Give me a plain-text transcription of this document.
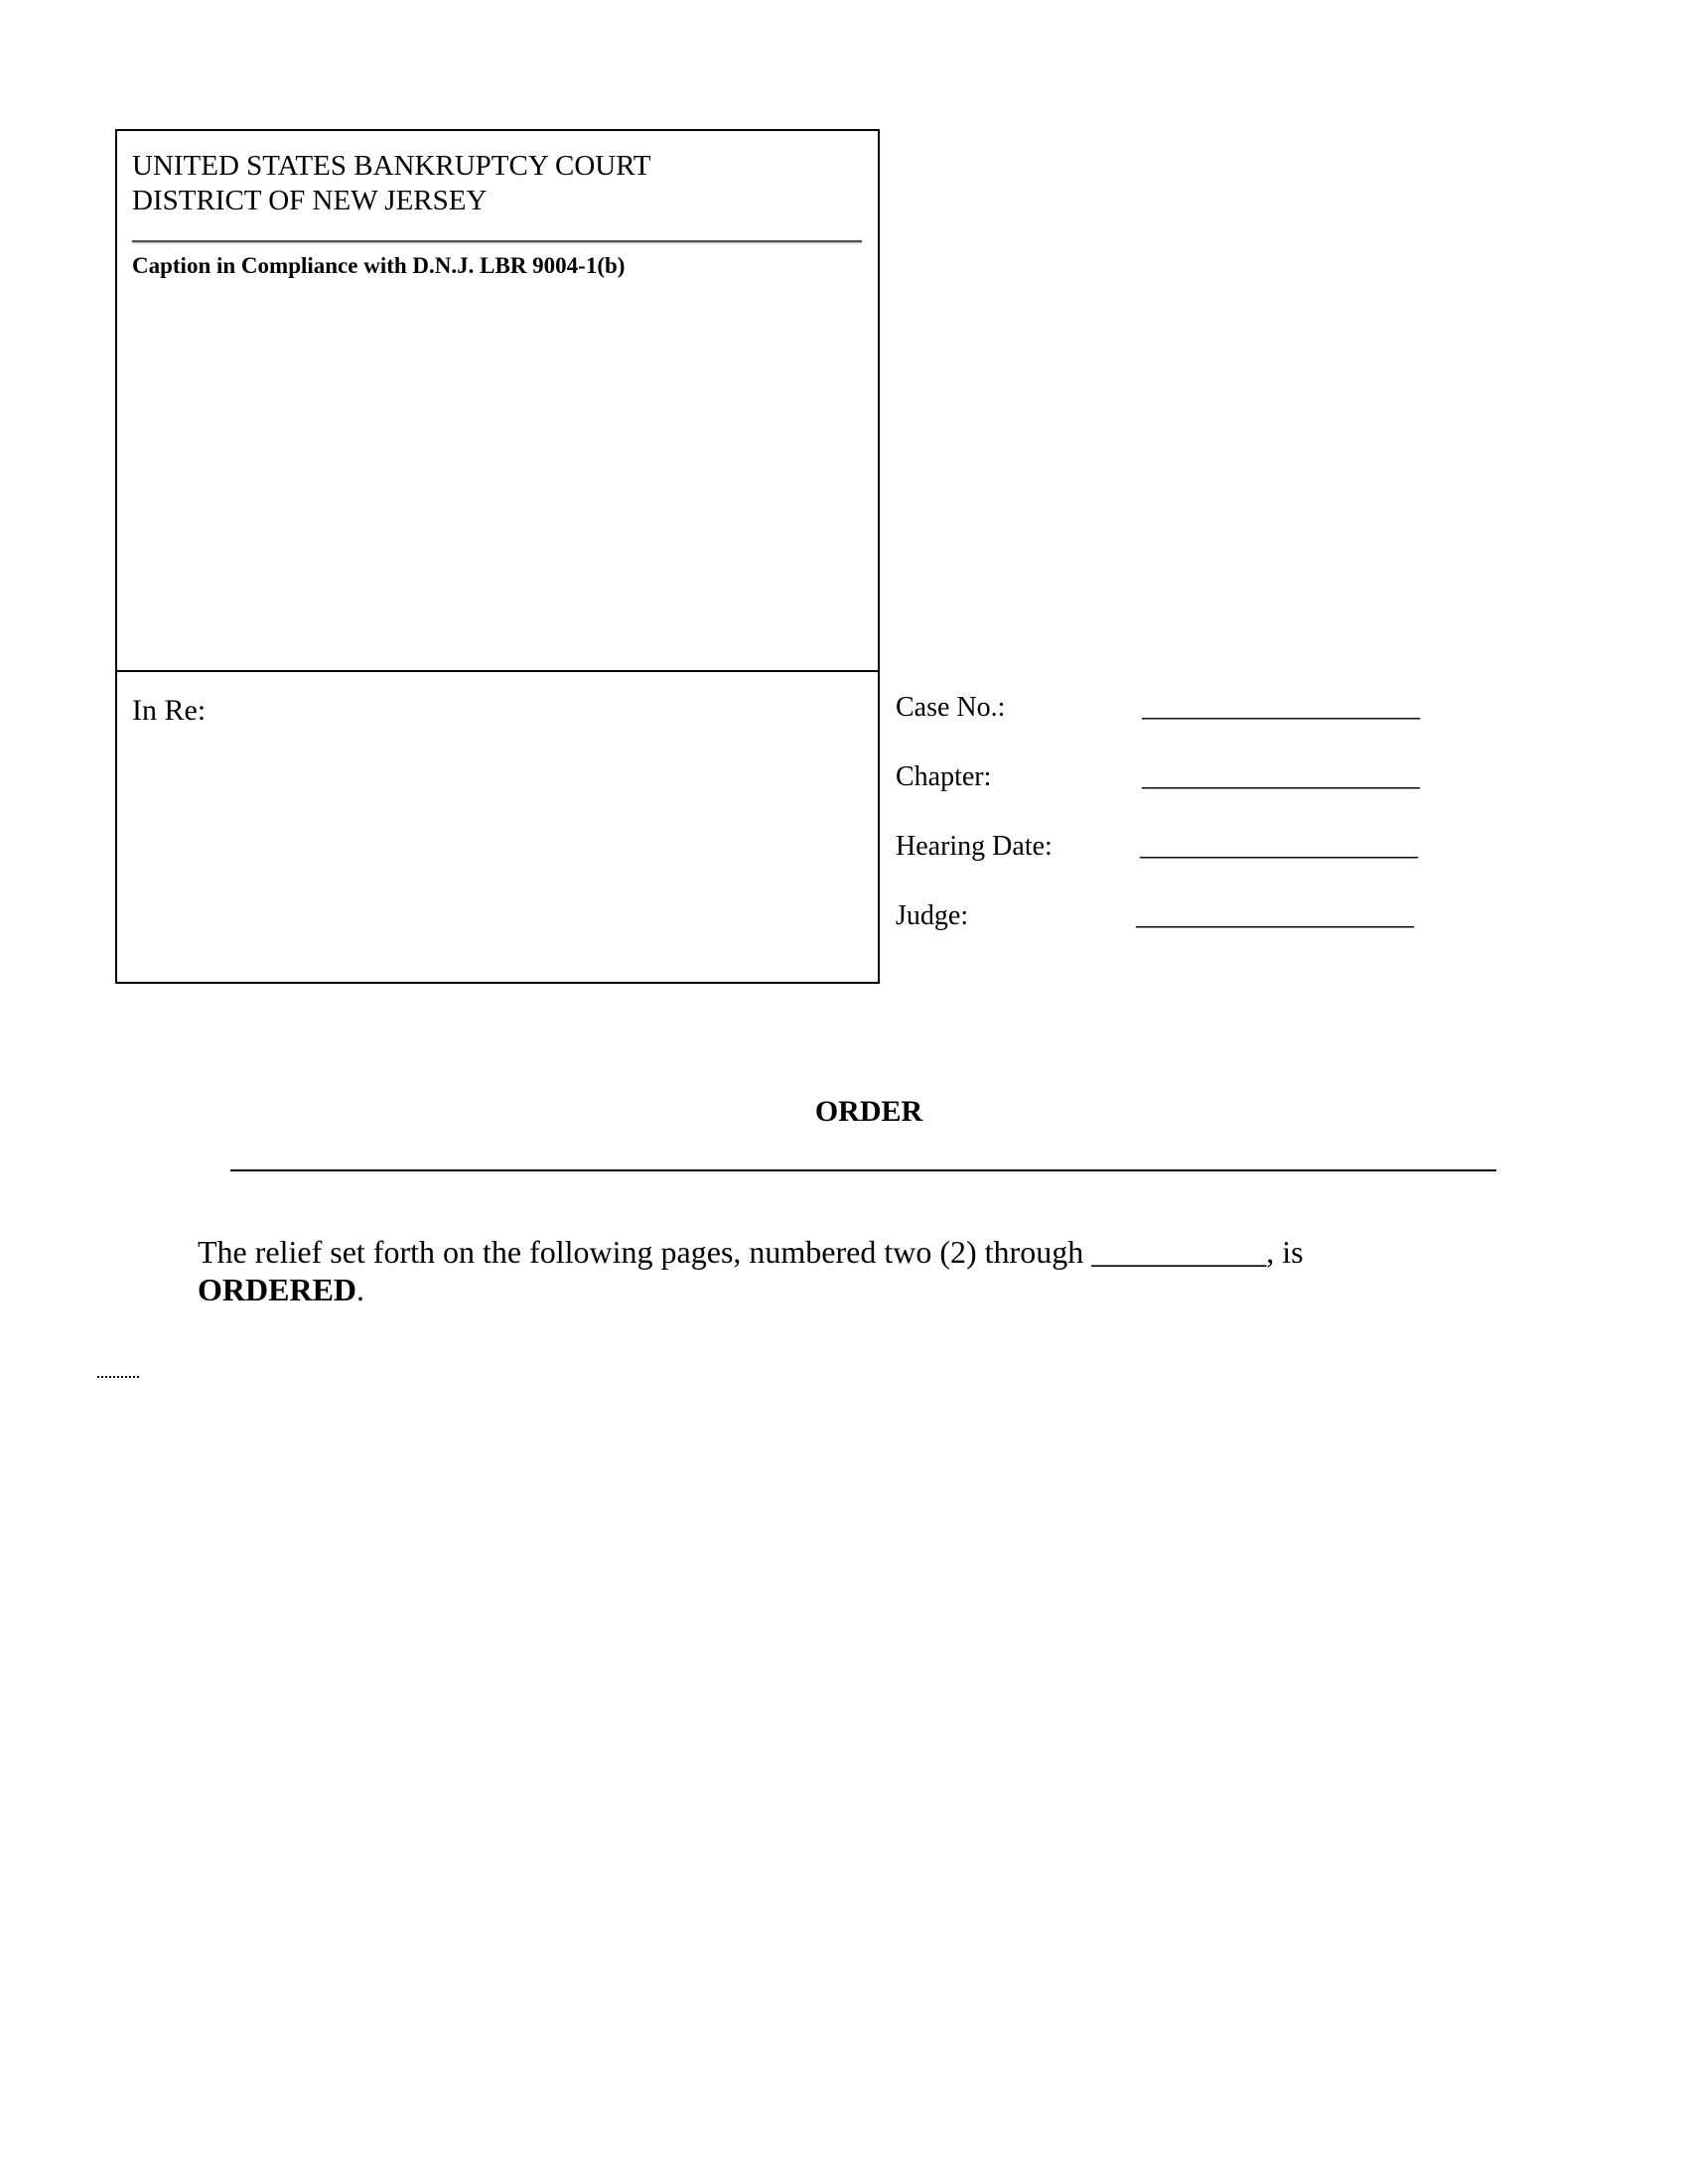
UNITED STATES BANKRUPTCY COURT
DISTRICT OF NEW JERSEY
Caption in Compliance with D.N.J. LBR 9004-1(b)
In Re:	Case No.:	____________________
Chapter:	____________________
Hearing Date:	____________________
Judge:	____________________
ORDER
The relief set forth on the following pages, numbered two (2) through ___________, is
ORDERED.
